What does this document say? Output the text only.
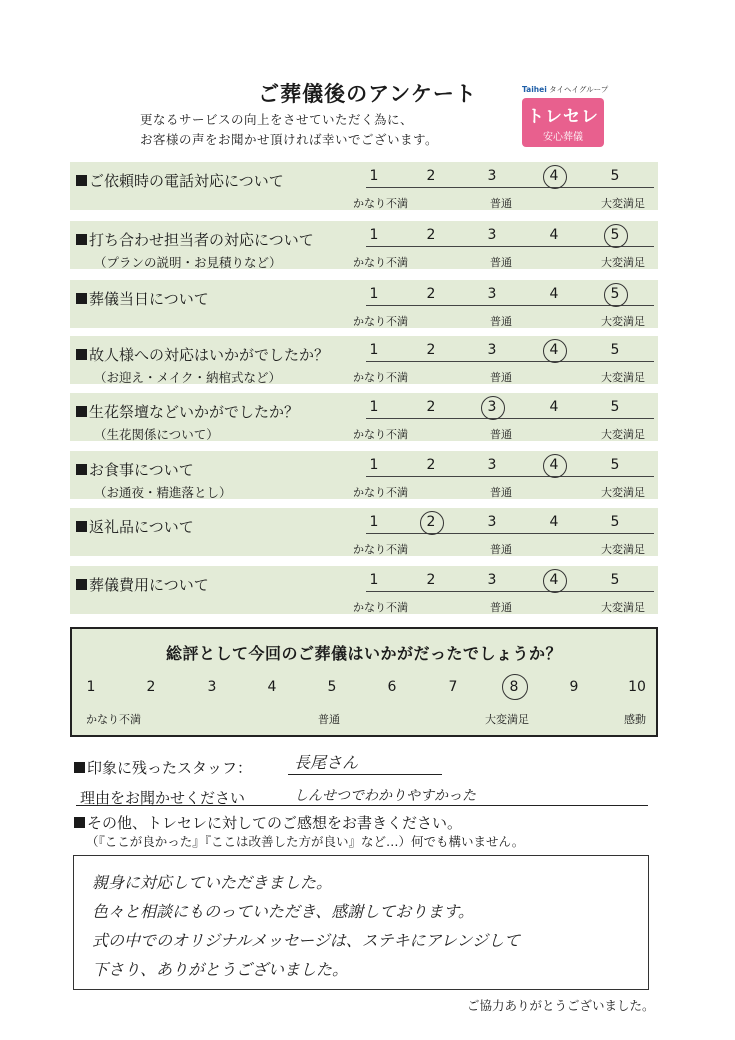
ご葬儀後のアンケート
更なるサービスの向上をさせていただく為に、
お客様の声をお聞かせ頂ければ幸いでございます。
Taihei タイヘイグループ
トレセレ
安心葬儀
ご依頼時の電話対応について	1	2	3	4	5
かなり不満	普通	大変満足
打ち合わせ担当者の対応について
（プランの説明・お見積りなど）
1	2	3	4	5
かなり不満	普通	大変満足
葬儀当日について	1	2	3	4	5
かなり不満	普通	大変満足
故人様への対応はいかがでしたか？
（お迎え・メイク・納棺式など）
1	2	3	4	5
かなり不満	普通	大変満足
生花祭壇などいかがでしたか？
（生花関係について）
1	2	3	4	5
かなり不満	普通	大変満足
お食事について
（お通夜・精進落とし）
1	2	3	4	5
かなり不満	普通	大変満足
返礼品について	1	2	3	4	5
かなり不満	普通	大変満足
葬儀費用について	1	2	3	4	5
かなり不満	普通	大変満足
総評として今回のご葬儀はいかがだったでしょうか？
1	2	3	4	5	6	7	8	9	10
かなり不満	普通	大変満足	感動
印象に残ったスタッフ：	長尾さん
理由をお聞かせください	しんせつでわかりやすかった
その他、トレセレに対してのご感想をお書きください。
（『ここが良かった』『ここは改善した方が良い』など…）何でも構いません。
親身に対応していただきました。
色々と相談にものっていただき、感謝しております。
式の中でのオリジナルメッセージは、ステキにアレンジして
下さり、ありがとうございました。
ご協力ありがとうございました。
